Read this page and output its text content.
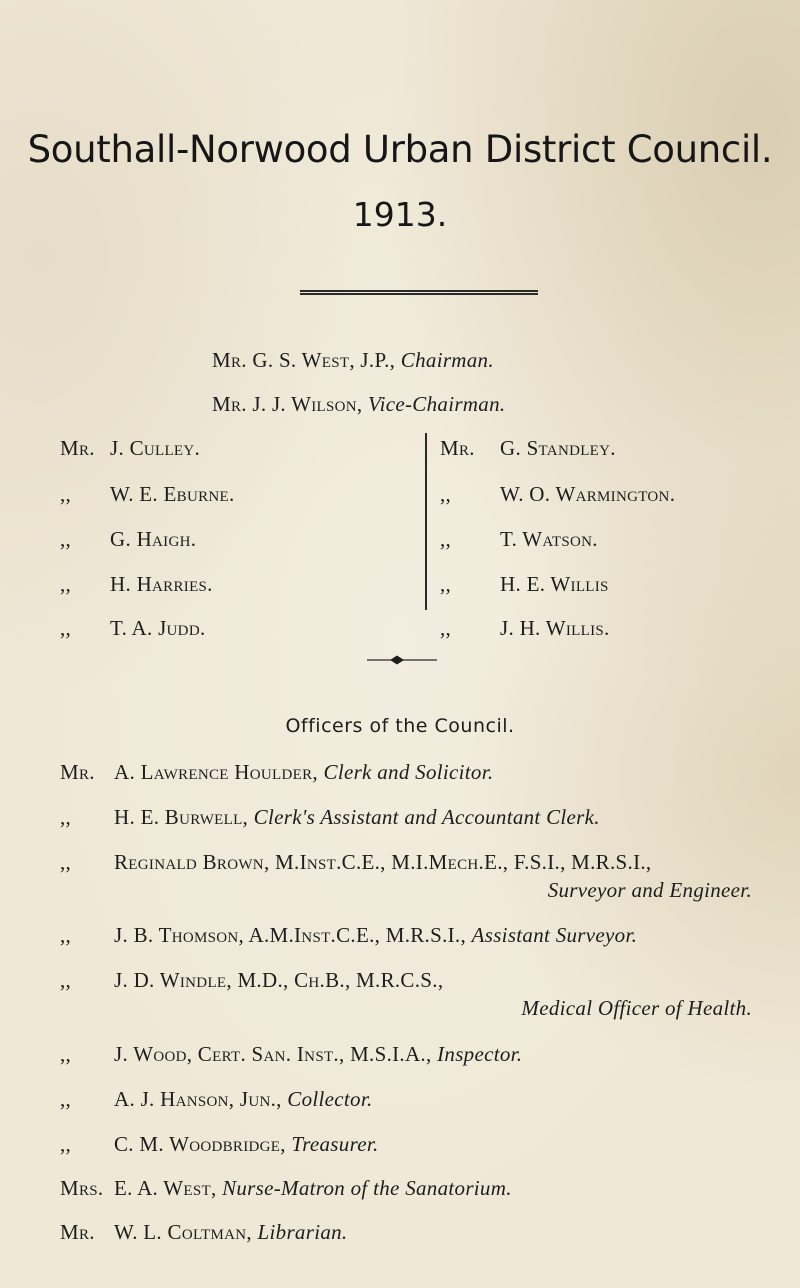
Southall-Norwood Urban District Council.
1913.
Mr. G. S. West, J.P., Chairman.
Mr. J. J. Wilson, Vice-Chairman.
Mr. J. Culley.
,, W. E. Eburne.
,, G. Haigh.
,, H. Harries.
,, T. A. Judd.
Mr. G. Standley.
,, W. O. Warmington.
,, T. Watson.
,, H. E. Willis
,, J. H. Willis.
Officers of the Council.
Mr. A. Lawrence Houlder, Clerk and Solicitor.
,, H. E. Burwell, Clerk's Assistant and Accountant Clerk.
,, Reginald Brown, M.Inst.C.E., M.I.Mech.E., F.S.I., M.R.S.I.,
Surveyor and Engineer.
,, J. B. Thomson, A.M.Inst.C.E., M.R.S.I., Assistant Surveyor.
,, J. D. Windle, M.D., Ch.B., M.R.C.S.,
Medical Officer of Health.
,, J. Wood, Cert. San. Inst., M.S.I.A., Inspector.
,, A. J. Hanson, Jun., Collector.
,, C. M. Woodbridge, Treasurer.
Mrs. E. A. West, Nurse-Matron of the Sanatorium.
Mr. W. L. Coltman, Librarian.
